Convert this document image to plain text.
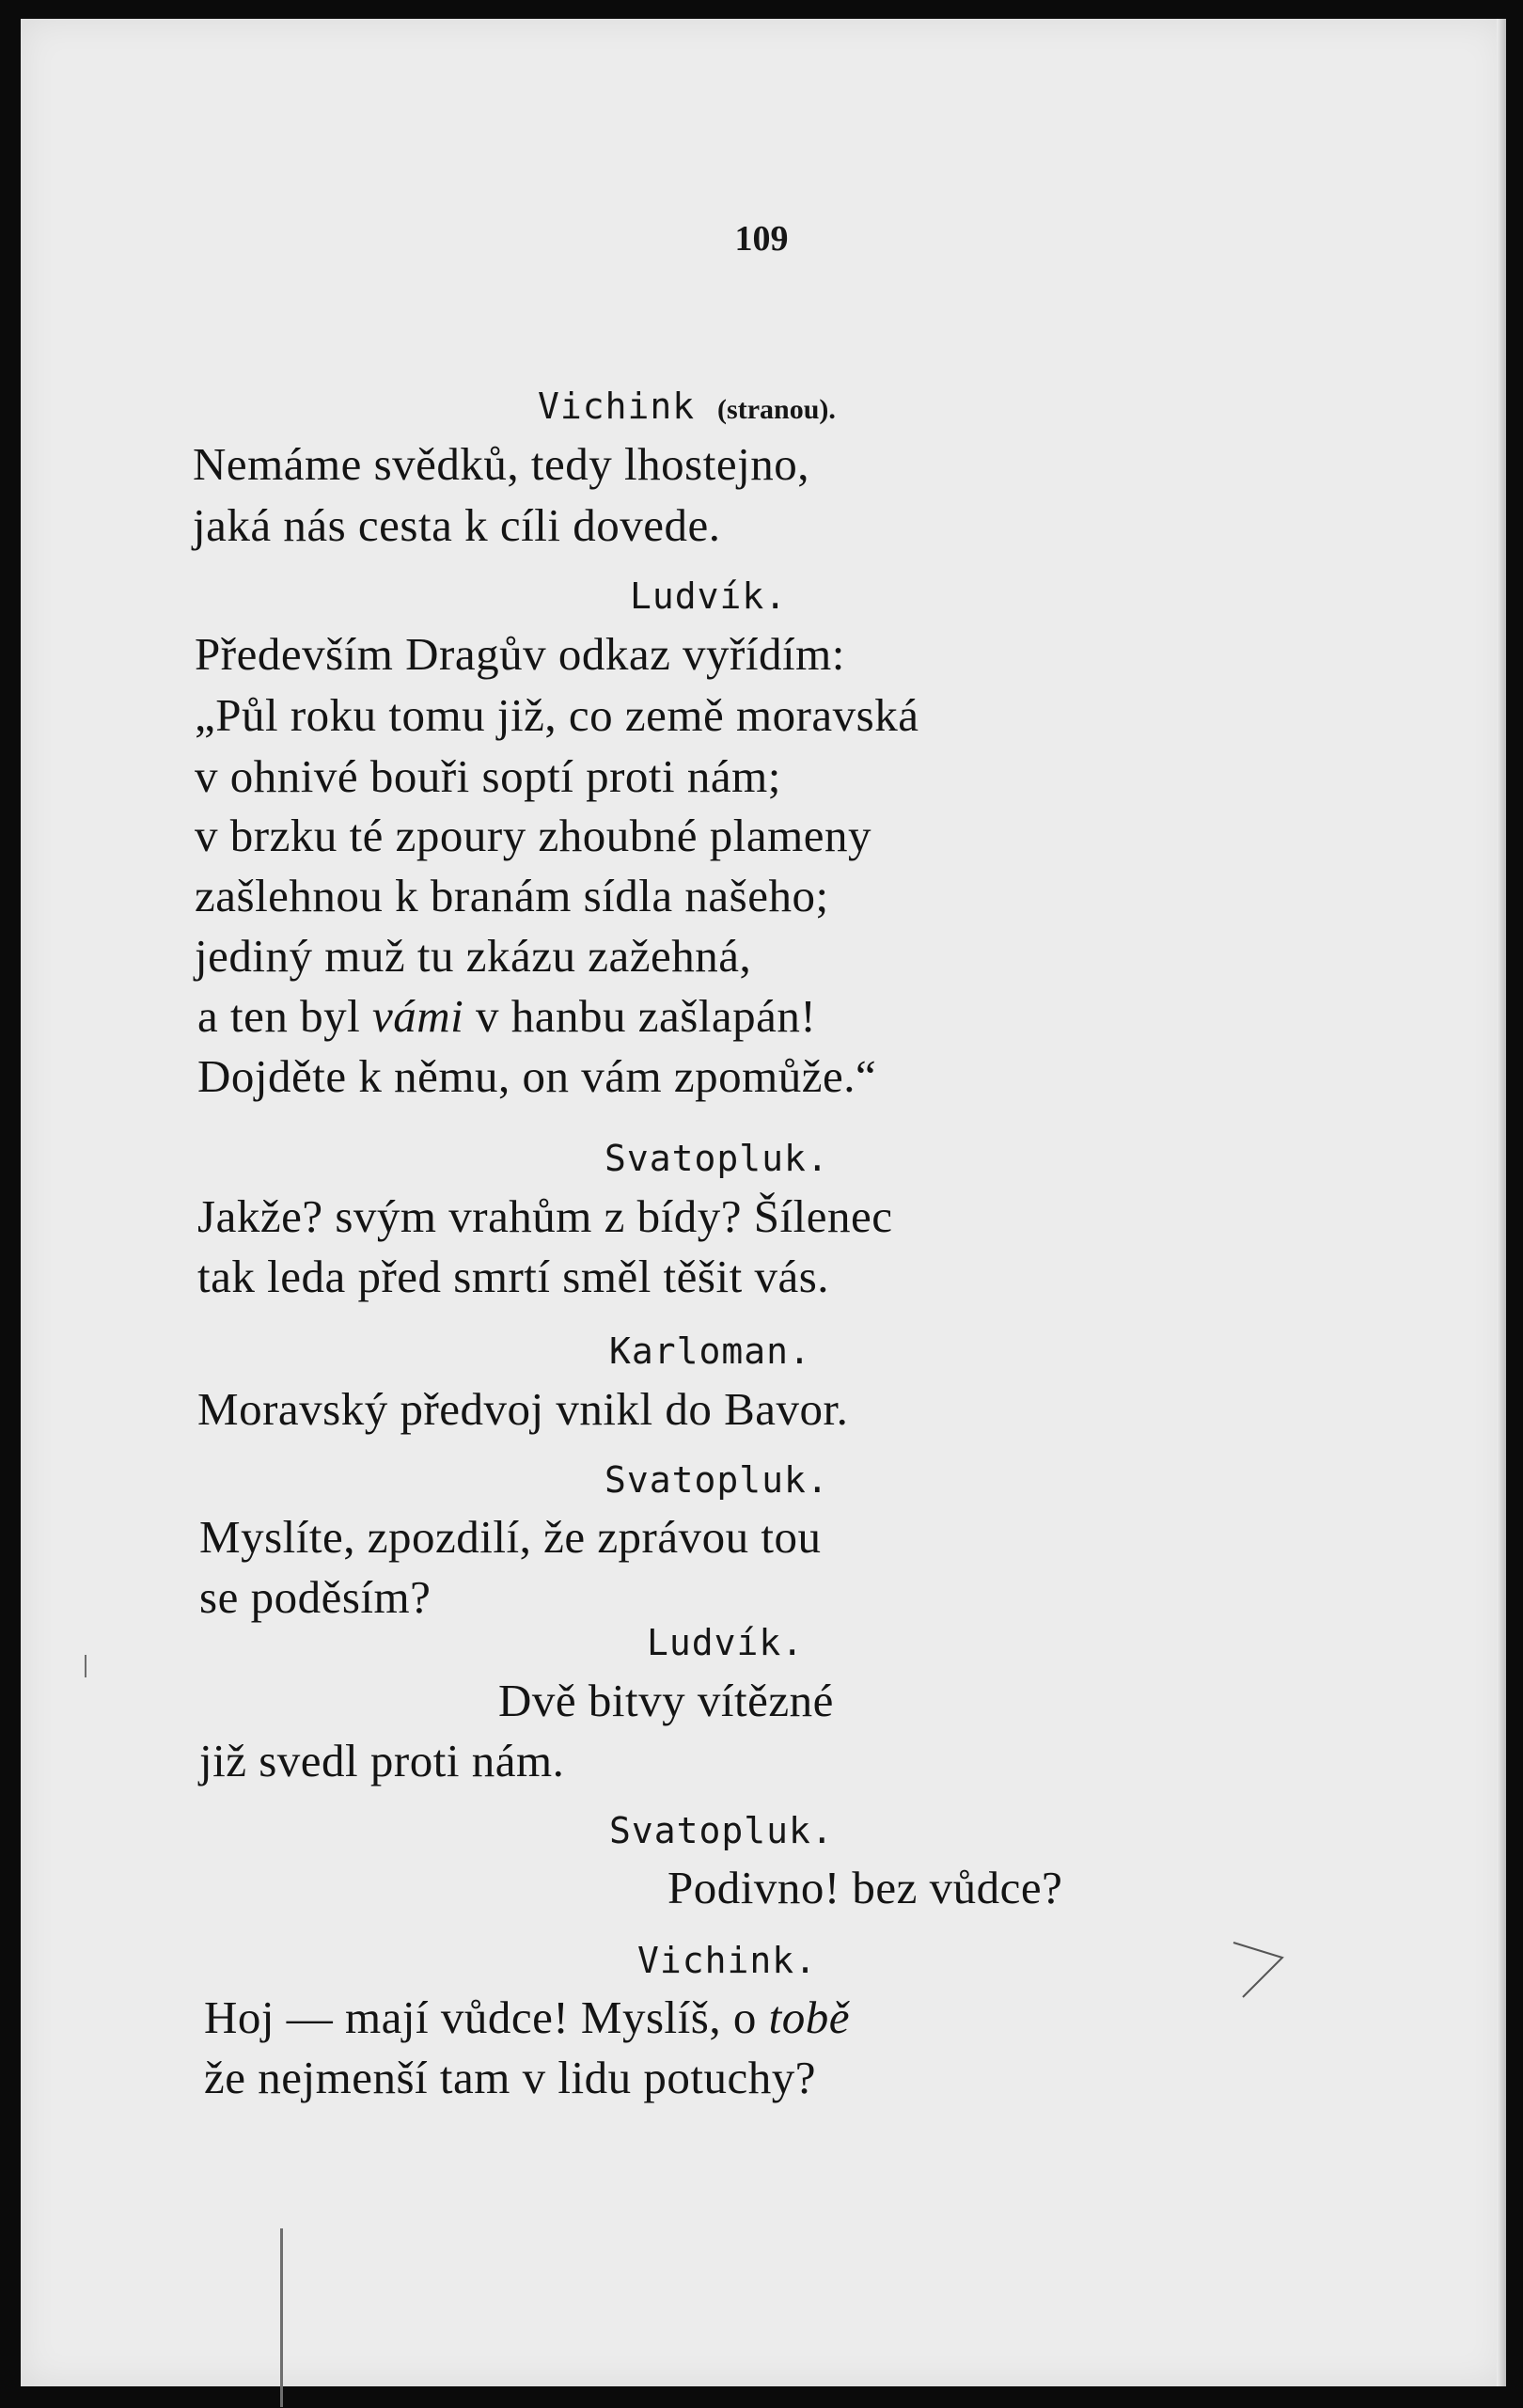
109
Vichink (stranou).
Nemáme svědků, tedy lhostejno,
jaká nás cesta k cíli dovede.
Ludvík.
Především Dragův odkaz vyřídím:
„Půl roku tomu již, co země moravská
v ohnivé bouři soptí proti nám;
v brzku té zpoury zhoubné plameny
zašlehnou k branám sídla našeho;
jediný muž tu zkázu zažehná,
a ten byl vámi v hanbu zašlapán!
Dojděte k němu, on vám zpomůže.“
Svatopluk.
Jakže? svým vrahům z bídy? Šílenec
tak leda před smrtí směl těšit vás.
Karloman.
Moravský předvoj vnikl do Bavor.
Svatopluk.
Myslíte, zpozdilí, že zprávou tou
se poděsím?
Ludvík.
Dvě bitvy vítězné
již svedl proti nám.
Svatopluk.
Podivno! bez vůdce?
Vichink.
Hoj — mají vůdce! Myslíš, o tobě
že nejmenší tam v lidu potuchy?
